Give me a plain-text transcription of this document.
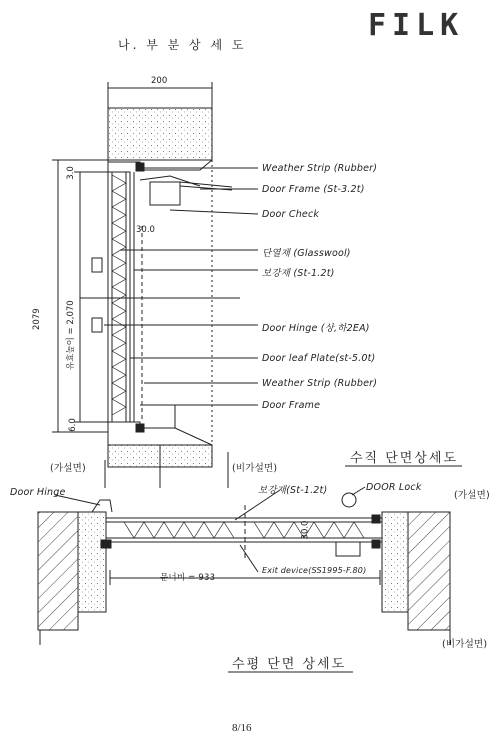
나. 부 분 상 세 도
FILK
200
2079	유효높이 = 2,070
3.0
6.0
30.0
Weather Strip (Rubber)
Door Frame (St-3.2t)
Door Check
단열재 (Glasswool)
보강재 (St-1.2t)
Door Hinge (상,하2EA)
Door leaf Plate(st-5.0t)
Weather Strip (Rubber)
Door Frame
(가설면)	(비가설면)
수직 단면상세도
Door Hinge	보강재(St-1.2t)	DOOR Lock
(가설면)
30.0
문너비 = 933
Exit device(SS1995-F.80)
(비가설면)
수평 단면 상세도
8/16
